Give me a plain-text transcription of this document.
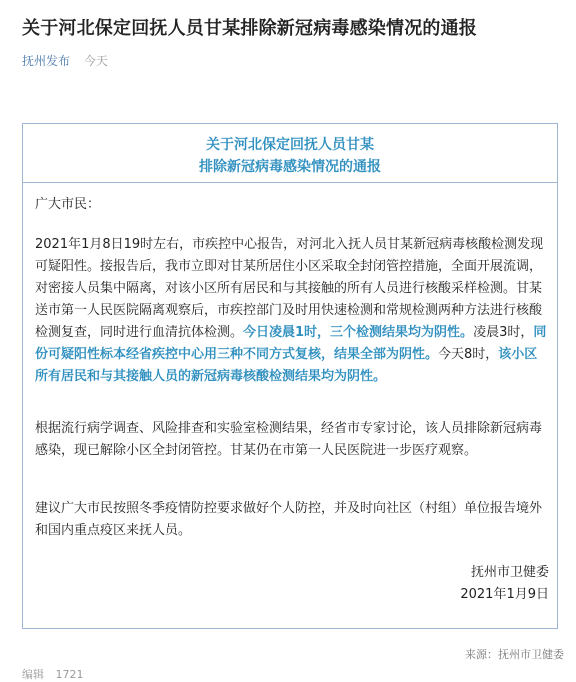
关于河北保定回抚人员甘某排除新冠病毒感染情况的通报
抚州发布 今天
关于河北保定回抚人员甘某
排除新冠病毒感染情况的通报
广大市民：
2021年1月8日19时左右，市疾控中心报告，对河北入抚人员甘某新冠病毒核酸检测发现可疑阳性。接报告后，我市立即对甘某所居住小区采取全封闭管控措施，全面开展流调，对密接人员集中隔离，对该小区所有居民和与其接触的所有人员进行核酸采样检测。甘某送市第一人民医院隔离观察后，市疾控部门及时用快速检测和常规检测两种方法进行核酸检测复查，同时进行血清抗体检测。今日凌晨1时，三个检测结果均为阴性。凌晨3时，同份可疑阳性标本经省疾控中心用三种不同方式复核，结果全部为阴性。今天8时，该小区所有居民和与其接触人员的新冠病毒核酸检测结果均为阴性。
根据流行病学调查、风险排查和实验室检测结果，经省市专家讨论，该人员排除新冠病毒感染，现已解除小区全封闭管控。甘某仍在市第一人民医院进一步医疗观察。
建议广大市民按照冬季疫情防控要求做好个人防控，并及时向社区（村组）单位报告境外和国内重点疫区来抚人员。
抚州市卫健委
2021年1月9日
来源：抚州市卫健委
编辑 1721
